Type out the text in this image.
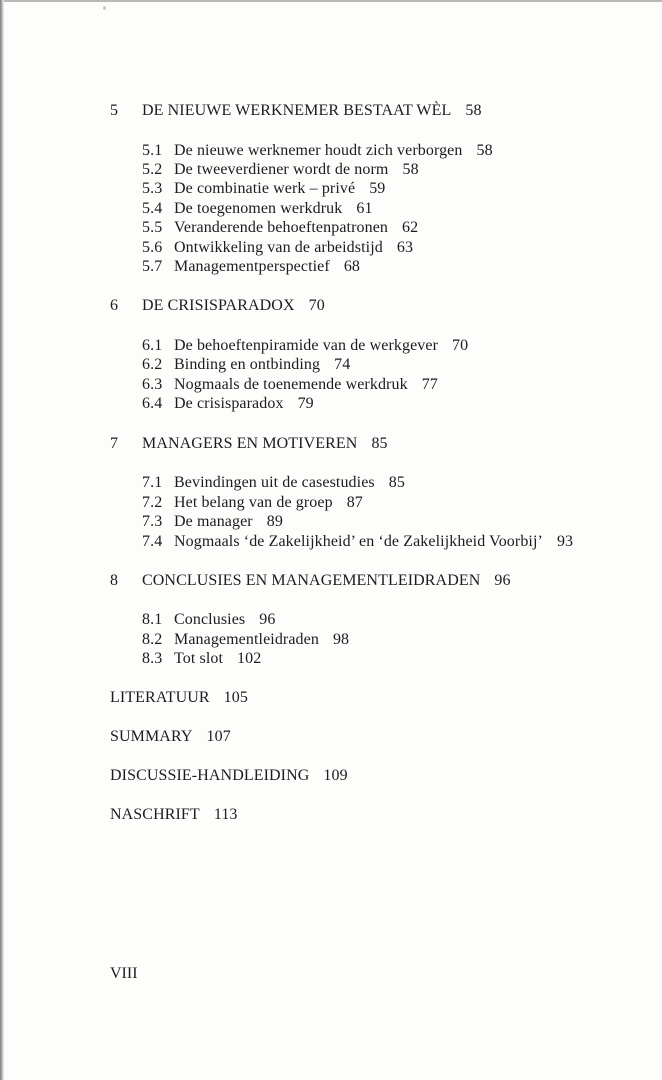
5 DE NIEUWE WERKNEMER BESTAAT WÈL 58
5.1 De nieuwe werknemer houdt zich verborgen 58
5.2 De tweeverdiener wordt de norm 58
5.3 De combinatie werk – privé 59
5.4 De toegenomen werkdruk 61
5.5 Veranderende behoeftenpatronen 62
5.6 Ontwikkeling van de arbeidstijd 63
5.7 Managementperspectief 68
6 DE CRISISPARADOX 70
6.1 De behoeftenpiramide van de werkgever 70
6.2 Binding en ontbinding 74
6.3 Nogmaals de toenemende werkdruk 77
6.4 De crisisparadox 79
7 MANAGERS EN MOTIVEREN 85
7.1 Bevindingen uit de casestudies 85
7.2 Het belang van de groep 87
7.3 De manager 89
7.4 Nogmaals ‘de Zakelijkheid’ en ‘de Zakelijkheid Voorbij’ 93
8 CONCLUSIES EN MANAGEMENTLEIDRADEN 96
8.1 Conclusies 96
8.2 Managementleidraden 98
8.3 Tot slot 102
LITERATUUR 105
SUMMARY 107
DISCUSSIE-HANDLEIDING 109
NASCHRIFT 113
VIII
